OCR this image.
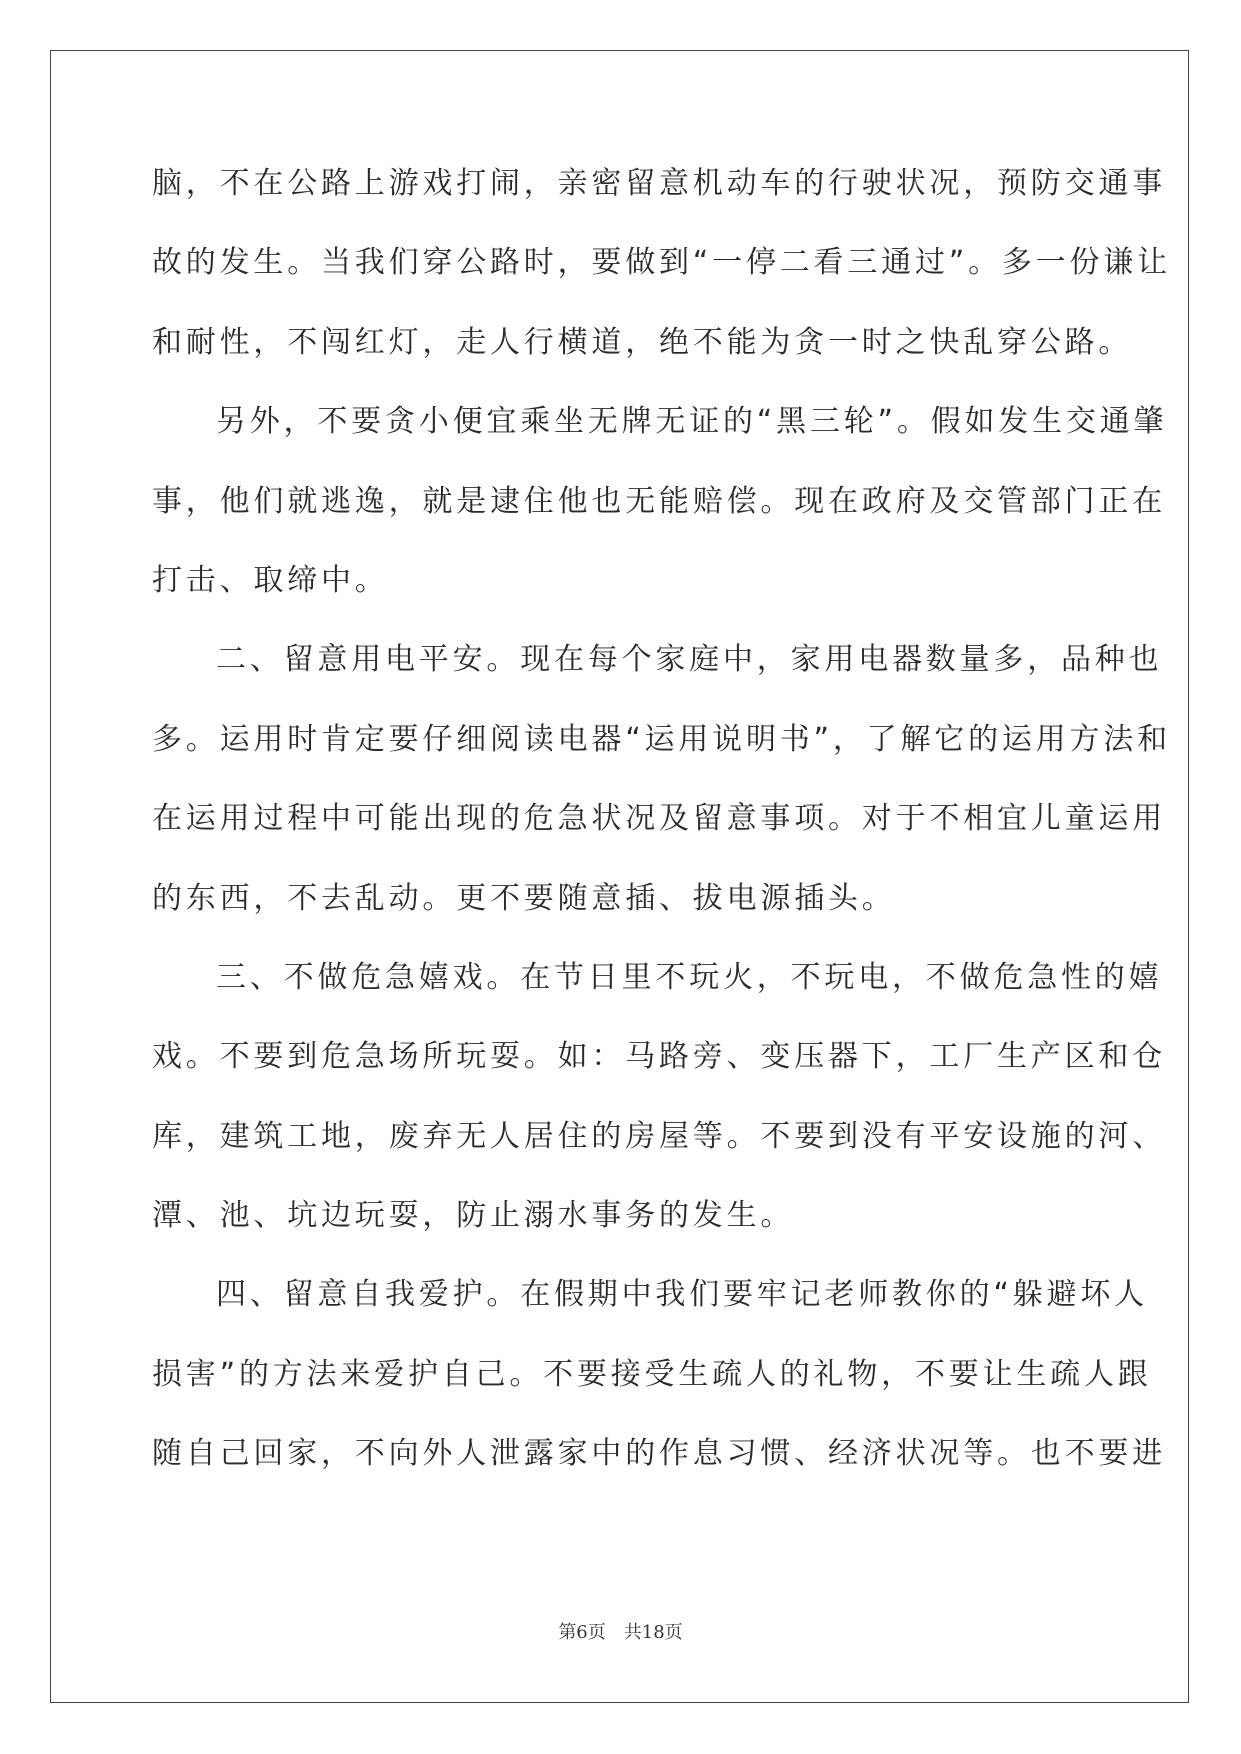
脑，不在公路上游戏打闹，亲密留意机动车的行驶状况，预防交通事
故的发生。当我们穿公路时，要做到“一停二看三通过”。多一份谦让
和耐性，不闯红灯，走人行横道，绝不能为贪一时之快乱穿公路。
另外，不要贪小便宜乘坐无牌无证的“黑三轮”。假如发生交通肇
事，他们就逃逸，就是逮住他也无能赔偿。现在政府及交管部门正在
打击、取缔中。
二、留意用电平安。现在每个家庭中，家用电器数量多，品种也
多。运用时肯定要仔细阅读电器“运用说明书”，了解它的运用方法和
在运用过程中可能出现的危急状况及留意事项。对于不相宜儿童运用
的东西，不去乱动。更不要随意插、拔电源插头。
三、不做危急嬉戏。在节日里不玩火，不玩电，不做危急性的嬉
戏。不要到危急场所玩耍。如：马路旁、变压器下，工厂生产区和仓
库，建筑工地，废弃无人居住的房屋等。不要到没有平安设施的河、
潭、池、坑边玩耍，防止溺水事务的发生。
四、留意自我爱护。在假期中我们要牢记老师教你的“躲避坏人
损害”的方法来爱护自己。不要接受生疏人的礼物，不要让生疏人跟
随自己回家，不向外人泄露家中的作息习惯、经济状况等。也不要进
第6页 共18页
